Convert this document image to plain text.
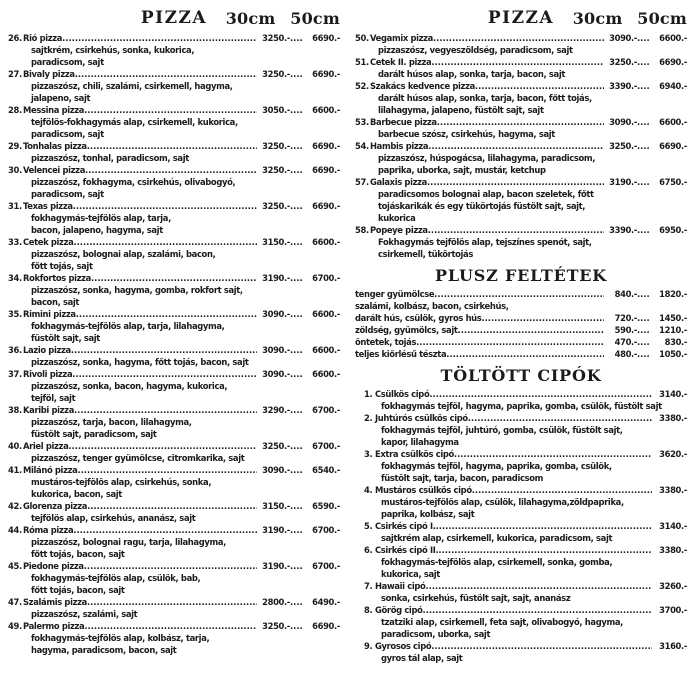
PIZZA 30cm 50cm
26. Rió pizza .....	3250.- .....	6690.-
sajtkrém, csirkehús, sonka, kukorica,
paradicsom, sajt
27. Bivaly pizza .....	3250.- .....	6690.-
pizzaszósz, chili, szalámi, csirkemell, hagyma,
jalapeno, sajt
28. Messina pizza .....	3050.- .....	6600.-
tejfölös-fokhagymás alap, csirkemell, kukorica,
paradicsom, sajt
29. Tonhalas pizza .....	3250.- .....	6690.-
pizzaszósz, tonhal, paradicsom, sajt
30. Velencei pizza .....	3250.- .....	6690.-
pizzaszósz, fokhagyma, csirkehús, olivabogyó,
paradicsom, sajt
31. Texas pizza .....	3250.- .....	6690.-
fokhagymás-tejfölös alap, tarja,
bacon, jalapeno, hagyma, sajt
33. Cetek pizza .....	3150.- .....	6600.-
pizzaszósz, bolognai alap, szalámi, bacon,
főtt tojás, sajt
34. Rokfortos pizza .....	3190.- .....	6700.-
pizzaszósz, sonka, hagyma, gomba, rokfort sajt,
bacon, sajt
35. Rimini pizza .....	3090.- .....	6600.-
fokhagymás-tejfölös alap, tarja, lilahagyma,
füstölt sajt, sajt
36. Lazio pizza .....	3090.- .....	6600.-
pizzaszósz, sonka, hagyma, főtt tojás, bacon, sajt
37. Rivoli pizza .....	3090.- .....	6600.-
pizzaszósz, sonka, bacon, hagyma, kukorica,
tejföl, sajt
38. Karibi pizza .....	3290.- .....	6700.-
pizzaszósz, tarja, bacon, lilahagyma,
füstölt sajt, paradicsom, sajt
40. Ariel pizza .....	3250.- .....	6700.-
pizzaszósz, tenger gyümölcse, citromkarika, sajt
41. Milánó pizza .....	3090.- .....	6540.-
mustáros-tejfölös alap, csirkehús, sonka,
kukorica, bacon, sajt
42. Glorenza pizza .....	3150.- .....	6590.-
tejfölös alap, csirkehús, ananász, sajt
44. Róma pizza .....	3190.- .....	6700.-
pizzaszósz, bolognai ragu, tarja, lilahagyma,
főtt tojás, bacon, sajt
45. Piedone pizza .....	3190.- .....	6700.-
fokhagymás-tejfölös alap, csülök, bab,
főtt tojás, bacon, sajt
47. Szalámis pizza .....	2800.- .....	6490.-
pizzaszósz, szalámi, sajt
49. Palermo pizza .....	3250.- .....	6690.-
fokhagymás-tejfölös alap, kolbász, tarja,
hagyma, paradicsom, bacon, sajt
PIZZA 30cm 50cm
50. Vegamix pizza .....	3090.- .....	6600.-
pizzaszósz, vegyeszöldség, paradicsom, sajt
51. Cetek II. pizza .....	3250.- .....	6690.-
darált húsos alap, sonka, tarja, bacon, sajt
52. Szakács kedvence pizza .....	3390.- .....	6940.-
darált húsos alap, sonka, tarja, bacon, főtt tojás,
lilahagyma, jalapeno, füstölt sajt, sajt
53. Barbecue pizza .....	3090.- .....	6600.-
barbecue szósz, csirkehús, hagyma, sajt
54. Hambis pizza .....	3250.- .....	6690.-
pizzaszósz, húspogácsa, lilahagyma, paradicsom,
paprika, uborka, sajt, mustár, ketchup
57. Galaxis pizza .....	3190.- .....	6750.-
paradicsomos bolognai alap, bacon szeletek, főtt
tojáskarikák és egy tükörtojás füstölt sajt, sajt,
kukorica
58. Popeye pizza .....	3390.- .....	6950.-
Fokhagymás tejfölös alap, tejszínes spenót, sajt,
csirkemell, tükörtojás
PLUSZ FELTÉTEK
tenger gyümölcse .....	840.- .....	1820.-
szalámi, kolbász, bacon, csirkehús,
darált hús, csülök, gyros hús .....	720.- .....	1450.-
zöldség, gyümölcs, sajt .....	590.- .....	1210.-
öntetek, tojás .....	470.- .....	830.-
teljes kiőrlésű tészta .....	480.- .....	1050.-
TÖLTÖTT CIPÓK
1. Csülkös cipó .....	3140.-
fokhagymás tejföl, hagyma, paprika, gomba, csülök, füstölt sajt
2. Juhtúrós csülkös cipó .....	3380.-
fokhagymás tejföl, juhtúró, gomba, csülök, füstölt sajt,
kapor, lilahagyma
3. Extra csülkös cipó .....	3620.-
fokhagymás tejföl, hagyma, paprika, gomba, csülök,
füstölt sajt, tarja, bacon, paradicsom
4. Mustáros csülkös cipó .....	3380.-
mustáros-tejfölös alap, csülök, lilahagyma,zöldpaprika,
paprika, kolbász, sajt
5. Csirkés cipó I. .....	3140.-
sajtkrém alap, csirkemell, kukorica, paradicsom, sajt
6. Csirkés cipó II. .....	3380.-
fokhagymás-tejfölös alap, csirkemell, sonka, gomba,
kukorica, sajt
7. Hawaii cipó .....	3260.-
sonka, csirkehús, füstölt sajt, sajt, ananász
8. Görög cipó .....	3700.-
tzatziki alap, csirkemell, feta sajt, olivabogyó, hagyma,
paradicsom, uborka, sajt
9. Gyrosos cipó .....	3160.-
gyros tál alap, sajt
